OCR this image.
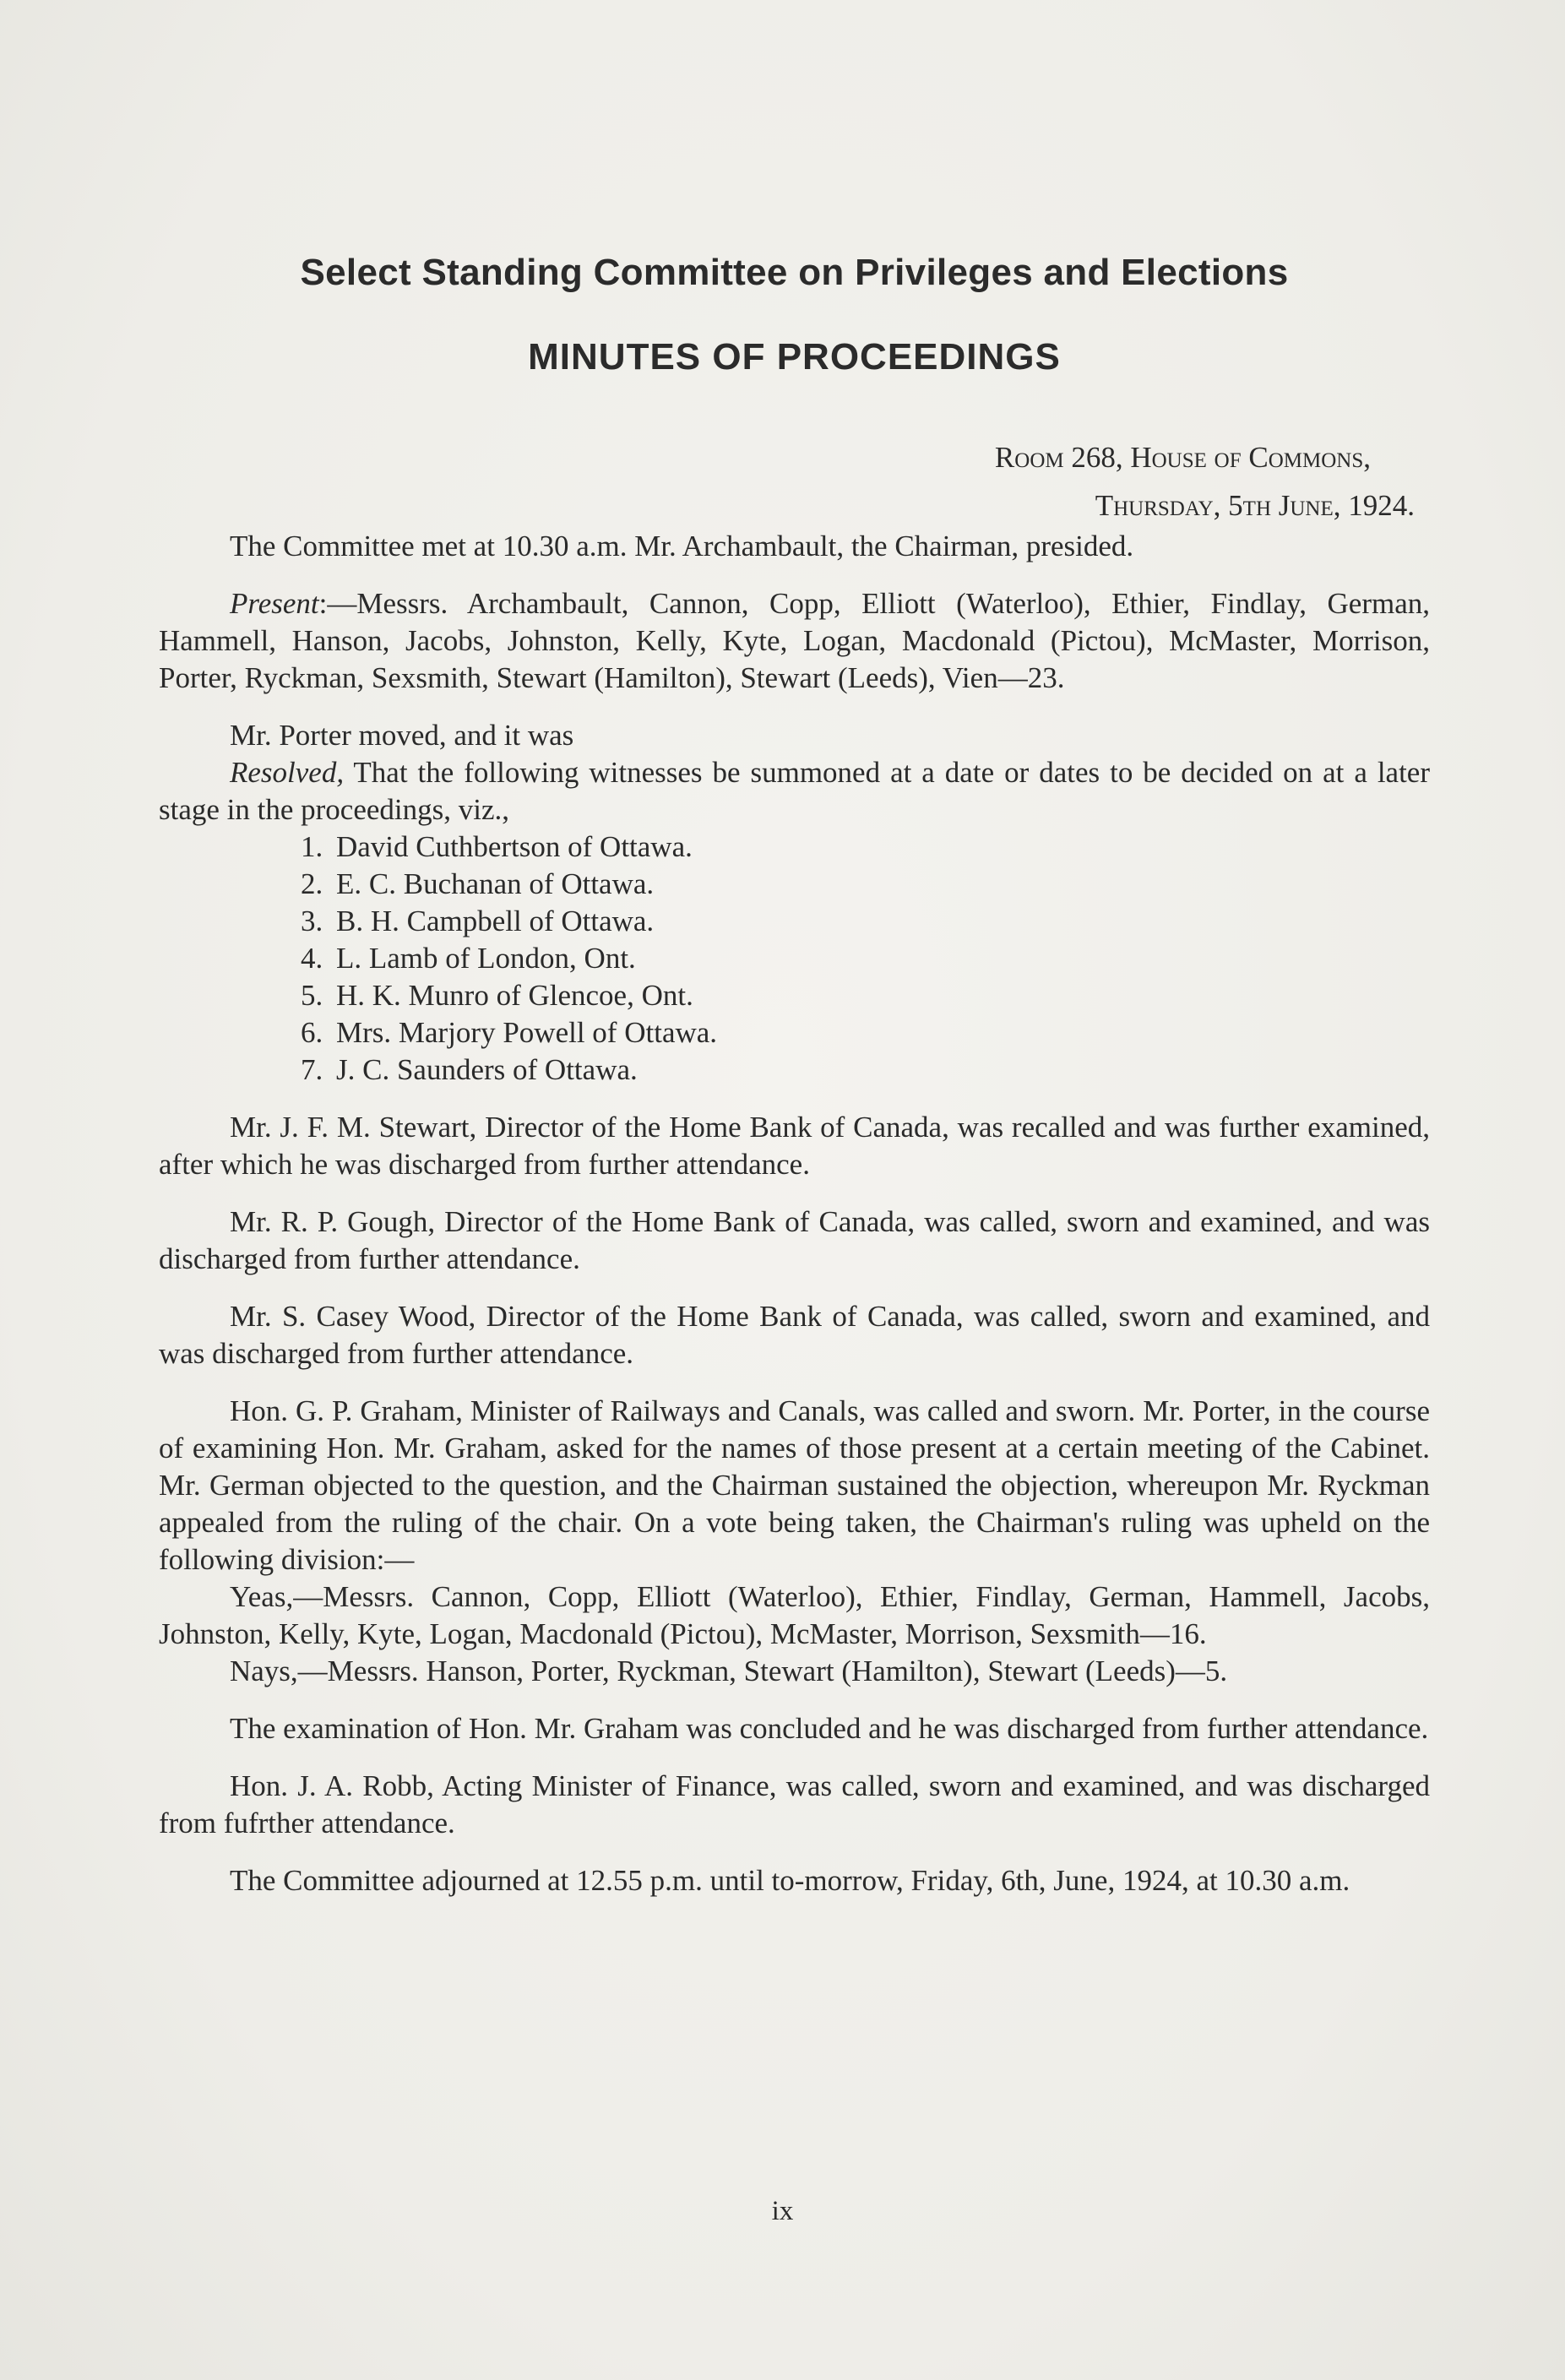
Select Standing Committee on Privileges and Elections
MINUTES OF PROCEEDINGS
Room 268, House of Commons,
Thursday, 5th June, 1924.

The Committee met at 10.30 a.m. Mr. Archambault, the Chairman, presided.

Present:—Messrs. Archambault, Cannon, Copp, Elliott (Waterloo), Ethier, Findlay, German, Hammell, Hanson, Jacobs, Johnston, Kelly, Kyte, Logan, Macdonald (Pictou), McMaster, Morrison, Porter, Ryckman, Sexsmith, Stewart (Hamilton), Stewart (Leeds), Vien—23.

Mr. Porter moved, and it was

Resolved, That the following witnesses be summoned at a date or dates to be decided on at a later stage in the proceedings, viz.,

1. David Cuthbertson of Ottawa.
2. E. C. Buchanan of Ottawa.
3. B. H. Campbell of Ottawa.
4. L. Lamb of London, Ont.
5. H. K. Munro of Glencoe, Ont.
6. Mrs. Marjory Powell of Ottawa.
7. J. C. Saunders of Ottawa.

Mr. J. F. M. Stewart, Director of the Home Bank of Canada, was recalled and was further examined, after which he was discharged from further attendance.

Mr. R. P. Gough, Director of the Home Bank of Canada, was called, sworn and examined, and was discharged from further attendance.

Mr. S. Casey Wood, Director of the Home Bank of Canada, was called, sworn and examined, and was discharged from further attendance.

Hon. G. P. Graham, Minister of Railways and Canals, was called and sworn. Mr. Porter, in the course of examining Hon. Mr. Graham, asked for the names of those present at a certain meeting of the Cabinet. Mr. German objected to the question, and the Chairman sustained the objection, whereupon Mr. Ryckman appealed from the ruling of the chair. On a vote being taken, the Chairman's ruling was upheld on the following division:—

Yeas,—Messrs. Cannon, Copp, Elliott (Waterloo), Ethier, Findlay, German, Hammell, Jacobs, Johnston, Kelly, Kyte, Logan, Macdonald (Pictou), McMaster, Morrison, Sexsmith—16.

Nays,—Messrs. Hanson, Porter, Ryckman, Stewart (Hamilton), Stewart (Leeds)—5.

The examination of Hon. Mr. Graham was concluded and he was discharged from further attendance.

Hon. J. A. Robb, Acting Minister of Finance, was called, sworn and examined, and was discharged from fufrther attendance.

The Committee adjourned at 12.55 p.m. until to-morrow, Friday, 6th, June, 1924, at 10.30 a.m.

ix
